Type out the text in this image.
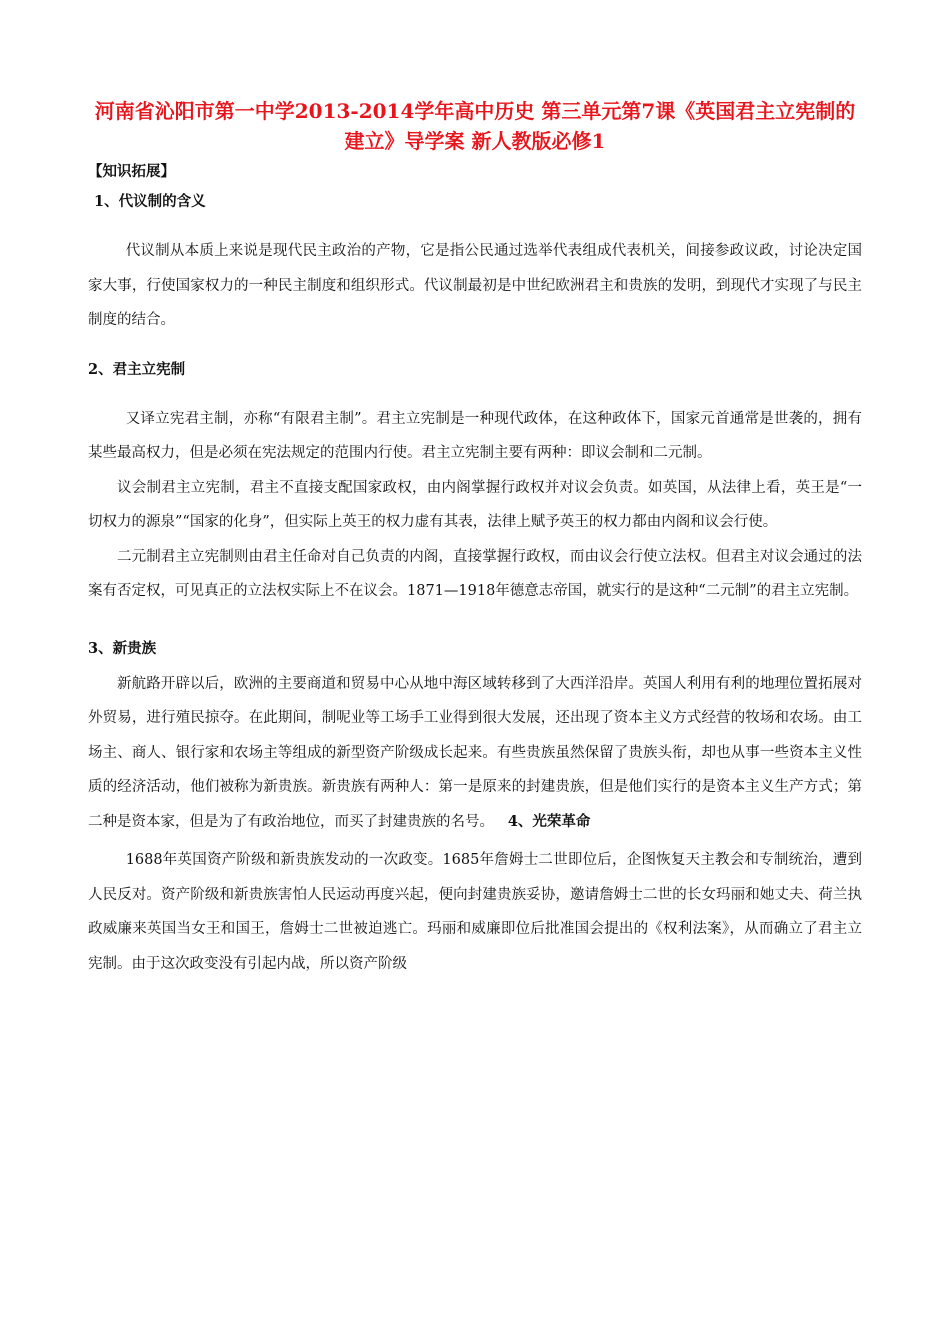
河南省沁阳市第一中学2013-2014学年高中历史 第三单元第7课《英国君主立宪制的建立》导学案 新人教版必修1
【知识拓展】
1、代议制的含义

代议制从本质上来说是现代民主政治的产物，它是指公民通过选举代表组成代表机关，间接参政议政，讨论决定国家大事，行使国家权力的一种民主制度和组织形式。代议制最初是中世纪欧洲君主和贵族的发明，到现代才实现了与民主制度的结合。

2、君主立宪制

又译立宪君主制，亦称“有限君主制”。君主立宪制是一种现代政体，在这种政体下，国家元首通常是世袭的，拥有某些最高权力，但是必须在宪法规定的范围内行使。君主立宪制主要有两种：即议会制和二元制。

议会制君主立宪制，君主不直接支配国家政权，由内阁掌握行政权并对议会负责。如英国，从法律上看，英王是“一切权力的源泉”“国家的化身”，但实际上英王的权力虚有其表，法律上赋予英王的权力都由内阁和议会行使。

二元制君主立宪制则由君主任命对自己负责的内阁，直接掌握行政权，而由议会行使立法权。但君主对议会通过的法案有否定权，可见真正的立法权实际上不在议会。1871—1918年德意志帝国，就实行的是这种“二元制”的君主立宪制。

3、新贵族

新航路开辟以后，欧洲的主要商道和贸易中心从地中海区域转移到了大西洋沿岸。英国人利用有利的地理位置拓展对外贸易，进行殖民掠夺。在此期间，制呢业等工场手工业得到很大发展，还出现了资本主义方式经营的牧场和农场。由工场主、商人、银行家和农场主等组成的新型资产阶级成长起来。有些贵族虽然保留了贵族头衔，却也从事一些资本主义性质的经济活动，他们被称为新贵族。新贵族有两种人：第一是原来的封建贵族，但是他们实行的是资本主义生产方式；第二种是资本家，但是为了有政治地位，而买了封建贵族的名号。 4、光荣革命

1688年英国资产阶级和新贵族发动的一次政变。1685年詹姆士二世即位后，企图恢复天主教会和专制统治，遭到人民反对。资产阶级和新贵族害怕人民运动再度兴起，便向封建贵族妥协，邀请詹姆士二世的长女玛丽和她丈夫、荷兰执政威廉来英国当女王和国王，詹姆士二世被迫逃亡。玛丽和威廉即位后批准国会提出的《权利法案》，从而确立了君主立宪制。由于这次政变没有引起内战，所以资产阶级
